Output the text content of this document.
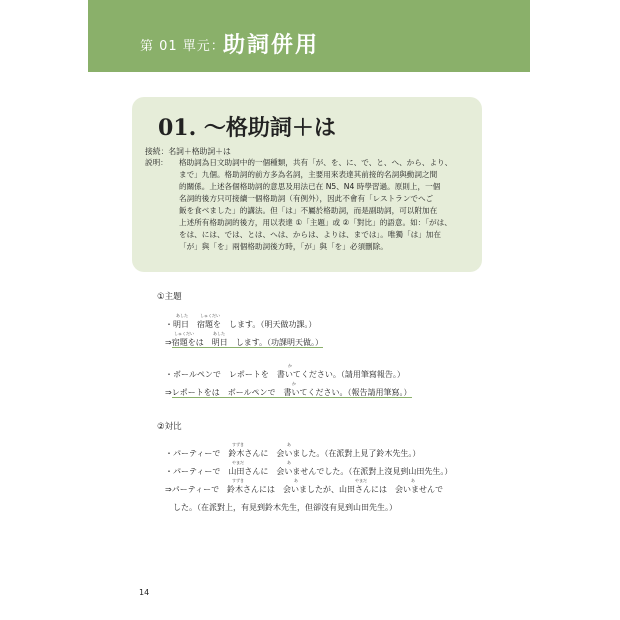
第 01 單元：
助詞併用
01. ～格助詞＋は
接続：名詞＋格助詞＋は
説明： 格助詞為日文助詞中的一個種類，共有「が、を、に、で、と、へ、から、より、
まで」九個。格助詞的前方多為名詞，主要用來表達其前接的名詞與動詞之間
的關係。上述各個格助詞的意思及用法已在 N5、N4 時學習過。原則上，一個
名詞的後方只可接續一個格助詞（有例外），因此不會有「レストランでへご
飯を食べました」的講法。但「は」不屬於格助詞，而是副助詞，可以附加在
上述所有格助詞的後方，用以表達 ①「主題」或 ②「對比」的語意。如：「がは、
をは、には、では、とは、へは、からは、よりは、までは」。唯獨「は」加在
「が」與「を」兩個格助詞後方時，「が」與「を」必須刪除。
①主題
あした	しゅくだい
・明日　宿題を　します。（明天做功課。）
しゅくだい	あした
⇒宿題をは　明日　します。（功課明天做。）
か
・ボールペンで　レポートを　書いてください。（請用筆寫報告。）
か
⇒レポートをは　ボールペンで　書いてください。（報告請用筆寫。）
②対比
すずき	あ
・パーティーで　鈴木さんに　会いました。（在派對上見了鈴木先生。）
やまだ	あ
・パーティーで　山田さんに　会いませんでした。（在派對上沒見到山田先生。）
すずき	あ	やまだ	あ
⇒パーティーで　鈴木さんには　会いましたが、山田さんには　会いませんで
した。（在派對上，有見到鈴木先生，但卻沒有見到山田先生。）
14
